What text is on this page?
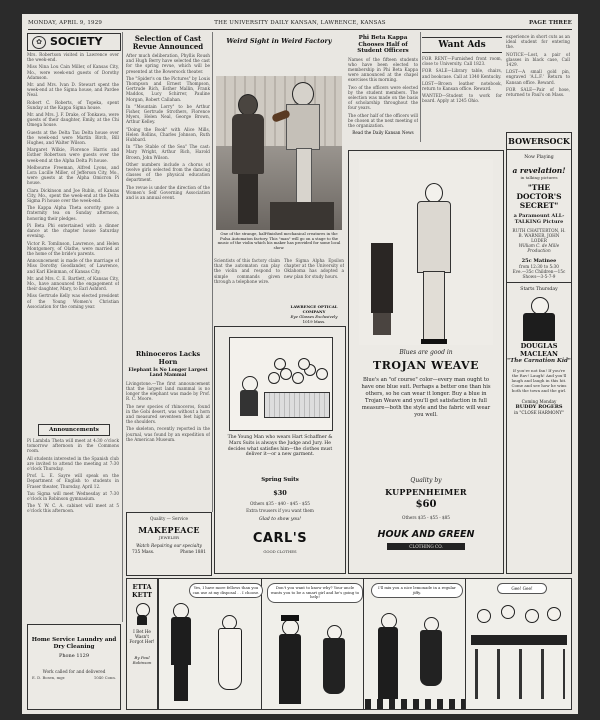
MONDAY, APRIL 9, 1929	THE UNIVERSITY DAILY KANSAN, LAWRENCE, KANSAS	PAGE THREE
✿ SOCIETY

Mrs. Robertson visited in Lawrence over the week-end.

Miss Nina Lou Cain Miller, of Kansas City, Mo., were week-end guests of Dorothy Adamson.

Mr. and Mrs. Ivan D. Stewart spent the week-end at the Sigma house, and Pardee Neal.

Robert C. Roberts, of Topeka, spent Sunday at the Kappa Sigma house.

Mr. and Mrs. J. F. Drake, of Tonkawa, were guests of their daughter, Emily, at the Chi Omega house.

Guests at the Delta Tau Delta house over the week-end were Martin Birch, Bill Hughes, and Walter Wilson.

Margaret Wilkie, Florence Harris and Esther Robertson were guests over the week-end at the Alpha Delta Pi house.

Melbourne Freeman, Alfred Lyons, and Lora Lucille Miller, of Jefferson City, Mo., were guests at the Alpha Omicron Pi house.

Clara Dickinson and Joe Rubin, of Kansas City, Mo., spent the week-end at the Delta Sigma Pi house over the week-end.

The Kappa Alpha Theta sorority gave a fraternity tea on Sunday afternoon, honoring their pledges.

Pi Beta Phi entertained with a dinner dance at the chapter house Saturday evening.

Victor R. Tomlinson, Lawrence, and Helen Montgomery, of Olathe, were married at the home of the bride's parents.

Announcement is made of the marriage of Miss Dorothy Goodlander, of Lawrence, and Karl Kleinman, of Kansas City.

Mr. and Mrs. C. E. Bartlett, of Kansas City, Mo., have announced the engagement of their daughter, Mary, to Earl Ashford.

Miss Gertrude Kelly was elected president of the Young Women's Christian Association for the coming year.

Announcements

Pi Lambda Theta will meet at 4:30 o'clock tomorrow afternoon in the Commons room.

All students interested in the Spanish club are invited to attend the meeting at 7:30 o'clock Thursday.

Prof. L. E. Sayre will speak on the Department of English to students in Fraser theater, Thursday, April 12.

Tau Sigma will meet Wednesday at 7:30 o'clock in Robinson gymnasium.

The Y. W. C. A. cabinet will meet at 5 o'clock this afternoon.

Home Service Laundry and Dry Cleaning
Phone 1129
Work called for and delivered
E. D. Bosen, mgr.	1040 Conn.
Selection of Cast Revue Announced

After much deliberation, Phyllis Roush and Hugh Berry have selected the cast for the spring revue, which will be presented at the Bowersock theater.

The "Spider's on the Pictures" by Louis Thompson and Ernest Thompson, Gertrude Rich, Esther Mallin, Frank Maddox, Lucy Schirrer, Pauline Morgan, Robert Callahan.

In "Mountain Lorry" to be Arthur Fisher, Gertrude Strothers, Florence Myers, Helen Neal, George Brown, Arthur Kelley.

"Doing the Book" with Alice Mills, Helen Rollins, Charles Johnson, Ruth Hubbard.

In "The Stable of the Sea" The cast: Mary Wright, Arthur Rich, Harold Brown, John Wilson.

Other numbers include a chorus of twelve girls selected from the dancing classes of the physical education department.

The revue is under the direction of the Women's Self Governing Association and is an annual event.

Rhinoceros Lacks Horn
Elephant Is No Longer Largest Land Mammal

Livingstone.—The first announcement that the largest land mammal is no longer the elephant was made by Prof. R. C. Moore.

The new species of rhinoceros, found in the Gobi desert, was without a horn and measured seventeen feet high at the shoulders.

The skeleton, recently reported in the journal, was found by an expedition of the American Museum.

Quality — Service
MAKEPEACE
JEWELER
Watch Repairing our specialty
735 Mass.	Phone 1881
ETTA KETT
I Bet He Wasn't Forgot Her!
By Paul Robinson
Weird Sight in Weird Factory
One of the strange, half-finished mechanical creatures in the Pulsa Automaton factory. This "man" will go on a stage to the music of the violin which his maker has provided for some local show.
Phi Beta Kappa Chooses Half of Student Officers

Names of the fifteen students who have been elected to membership in Phi Beta Kappa were announced at the chapel exercises this morning.

Two of the officers were elected by the student members. The selection was made on the basis of scholarship throughout the four years.

The other half of the officers will be chosen at the next meeting of the organization.

Read the Daily Kansan News

Want Ads

FOR RENT—Furnished front room, close to University. Call 1823.

FOR SALE—Library table, chairs, and bookcase. Call at 1340 Kentucky.

LOST—Brown leather notebook, return to Kansan office. Reward.

WANTED—Student to work for board. Apply at 1245 Ohio.

experience in short cuts as an ideal student for entering the.

NOTICE—Lost, a pair of glasses in black case, Call 1429.

LOST—A small gold pin, engraved 'A.L.F.' Return to Kansan office. Reward.

FOR SALE—Pair of hose, returned to Paul's on Mass.

Scientists of this factory claim that the automaton can play the violin and respond to simple commands given through a telephone wire.

The Sigma Alpha Epsilon chapter at the University of Oklahoma has adopted a new plan for study hours.

LAWRENCE OPTICAL COMPANY
Eye Glasses Exclusively
1019 Mass.
The Young Man who wears Hart Schaffner & Marx Suits is always the Judge and Jury. He decides what satisfies him—the clothes must deliver it—or a new garment.
Spring Suits
$30
Others $35 - $40 - $45 - $55
Extra trousers if you want them
Glad to show you!
CARL'S
GOOD CLOTHES
Blues are good in
TROJAN WEAVE
Blue's an "of course" color—every man ought to have one blue suit. Perhaps a better one than his others, so he can wear it longer. Buy a blue in Trojan Weave and you'll get satisfaction in full measure—both the style and the fabric will wear you well.
Quality by
KUPPENHEIMER
$60
Others $35 - $55 - $85
HOUK AND GREEN
CLOTHING CO.
BOWERSOCK
Now Playing
a revelation!
in talking pictures
"THE DOCTOR'S SECRET"
a Paramount ALL-TALKING Picture
RUTH CHATTERTON, H. B. WARNER, JOHN LODER
William C. de Mille Production
25c Matinee
from 12:30 to 5:30
Eve.—35c Children—15c
Shows—3-5-7-9
Starts Thursday
DOUGLAS MACLEAN
"The Carnation Kid"
If you're not fan! If you're the Rav! Laugh! And you'll laugh and laugh in this hit. Come and see how he wins both the town and the girl.
Coming Monday
BUDDY ROGERS
in "CLOSE HARMONY"
Yes, I have more fellows than you can use at my disposal . . I choose.
Don't you want to know why? Your uncle wants you to be a smart girl and he's going to help!
I'll mix you a nice lemonade in a regular jiffy.
Gee! Gee!
